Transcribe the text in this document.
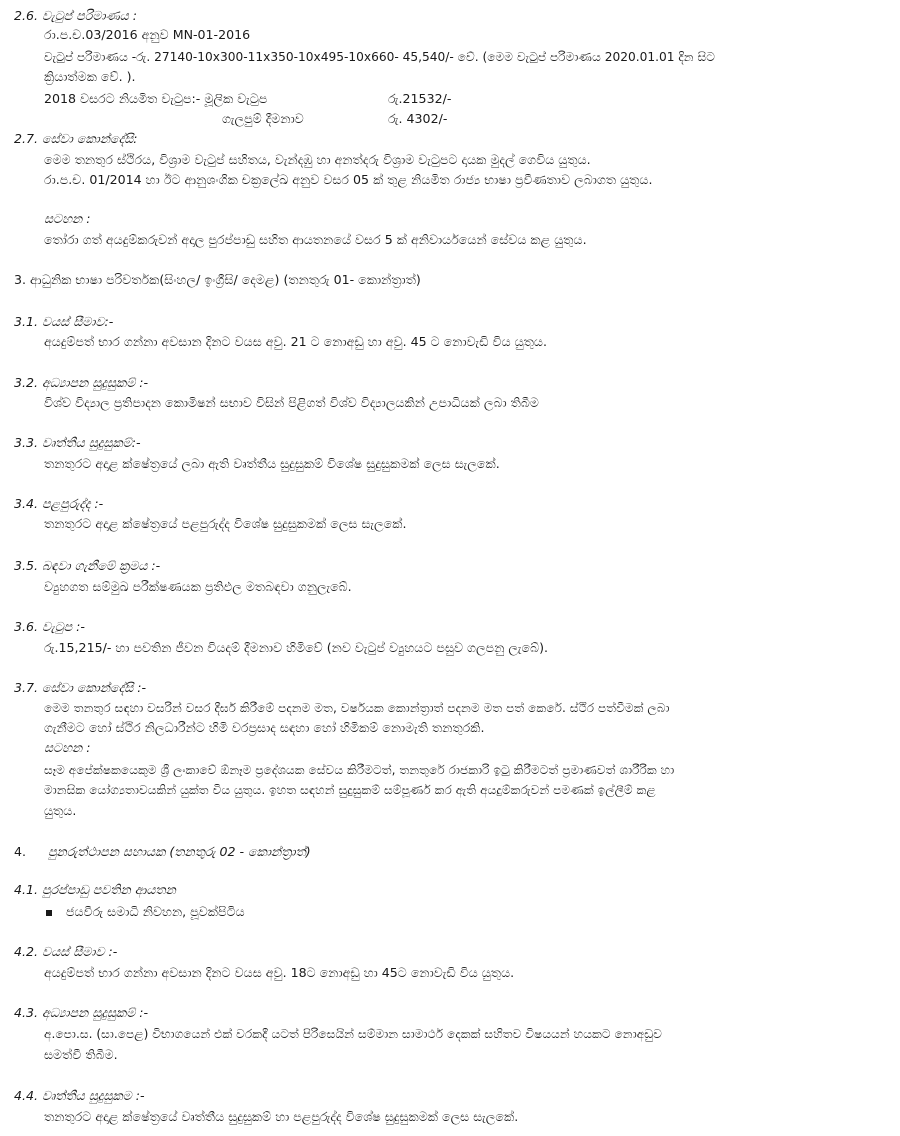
2.6. වැටුප් පරිමාණය :
රා.ප.ච.03/2016 අනුව MN-01-2016
වැටුප් පරිමාණය -රු. 27140-10x300-11x350-10x495-10x660- 45,540/- වේ. (මෙම වැටුප් පරිමාණය 2020.01.01 දින සිට
ක්‍රියාත්මක වේ. ).
2018 වසරට නියමිත වැටුප:- මූලික වැටුප	රු.21532/-
ගැලපුම් දීමනාව	රු. 4302/-
2.7. සේවා කොන්දේසි:
මෙම තනතුර ස්ථිරය, විශ්‍රාම වැටුප් සහිතය, වැන්දඹු හා අනත්දරු විශ්‍රාම වැටුපට දායක මුදල් ගෙවිය යුතුය.
රා.ප.ච. 01/2014 හා ඊට ආනුශංගික චක්‍රලේඛ අනුව වසර 05 ක් තුළ නියමිත රාජ්‍ය භාෂා ප්‍රවීණතාව ලබාගත යුතුය.
සටහන :
තෝරා ගත් අයදුම්කරුවන් අදාල පුරප්පාඩු සහිත ආයතනයේ වසර 5 ක් අනිවාර්යයෙන් සේවය කළ යුතුය.
3. ආධුනික භාෂා පරිවර්තක(සිංහල/ ඉංග්‍රීසි/ දෙමළ) (තනතුරු 01- කොන්ත්‍රාත්)
3.1. වයස් සීමාව:-
අයදුම්පත් භාර ගන්නා අවසාන දිනට වයස අවු. 21 ට නොඅඩු හා අවු. 45 ට නොවැඩි විය යුතුය.
3.2. අධ්‍යාපන සුදුසුකම් :-
විශ්ව විද්‍යාල ප්‍රතිපාදන කොමිෂන් සභාව විසින් පිළිගත් විශ්ව විද්‍යාලයකින් උපාධියක් ලබා තිබීම
3.3. වෘත්තීය සුදුසුකම්:-
තනතුරට අදාළ ක්ෂේත්‍රයේ ලබා ඇති වෘත්තීය සුදුසුකම් විශේෂ සුදුසුකමක් ලෙස සැලකේ.
3.4. පළපුරුද්ද :-
තනතුරට අදාළ ක්ෂේත්‍රයේ පළපුරුද්ද විශේෂ සුදුසුකමක් ලෙස සැලකේ.
3.5. බඳවා ගැනීමේ ක්‍රමය :-
ව්‍යුහගත සම්මුඛ පරීක්ෂණයක ප්‍රතිඵල මතබඳවා ගනුලැබේ.
3.6. වැටුප :-
රු.15,215/- හා පවතින ජීවන වියදම් දීමනාව හිමිවේ (නව වැටුප් ව්‍යුහයට පසුව ගලපනු ලැබේ).
3.7. සේවා කොන්දේසි :-
මෙම තනතුර සඳහා වසරින් වසර දීර්ඝ කිරීමේ පදනම මත, වර්ෂයක කොන්ත්‍රාත් පදනම මත පත් කෙරේ. ස්ථිර පත්වීමක් ලබා
ගැනීමට හෝ ස්ථිර නිලධාරීන්ට හිමි වරප්‍රසාද සඳහා හෝ හිමිකම් නොමැති තනතුරකි.
සටහන :
සෑම අපේක්ෂකයෙකුම ශ්‍රී ලංකාවේ ඕනෑම ප්‍රදේශයක සේවය කිරීමටත්, තනතුරේ රාජකාරි ඉටු කිරීමටත් ප්‍රමාණවත් ශාරීරික හා
මානසික යෝග්‍යතාවයකින් යුක්ත විය යුතුය. ඉහත සඳහන් සුදුසුකම් සම්පූර්ණ කර ඇති අයදුම්කරුවන් පමණක් ඉල්ලීම් කළ
යුතුය.
4. පුනරුත්ථාපන සහායක (තනතුරු 02 - කොන්ත්‍රාත්)
4.1. පුරප්පාඩු පවතින ආයතන
ජයවීරු සමාධි නිවහන, පූවක්පිටිය
4.2. වයස් සීමාව :-
අයදුම්පත් භාර ගන්නා අවසාන දිනට වයස අවු. 18ට නොඅඩු හා 45ට නොවැඩි විය යුතුය.
4.3. අධ්‍යාපන සුදුසුකම් :-
අ.පො.ස. (සා.පෙළ) විභාගයෙන් එක් වරකදී යටත් පිරිසෙයින් සම්මාන සාමාර්ථ දෙකක් සහිතව විෂයයන් හයකට නොඅඩුව
සමත්වී තිබීම.
4.4. වෘත්තීය සුදුසුකම :-
තනතුරට අදාළ ක්ෂේත්‍රයේ වෘත්තීය සුදුසුකම් හා පළපුරුද්ද විශේෂ සුදුසුකමක් ලෙස සැලකේ.
